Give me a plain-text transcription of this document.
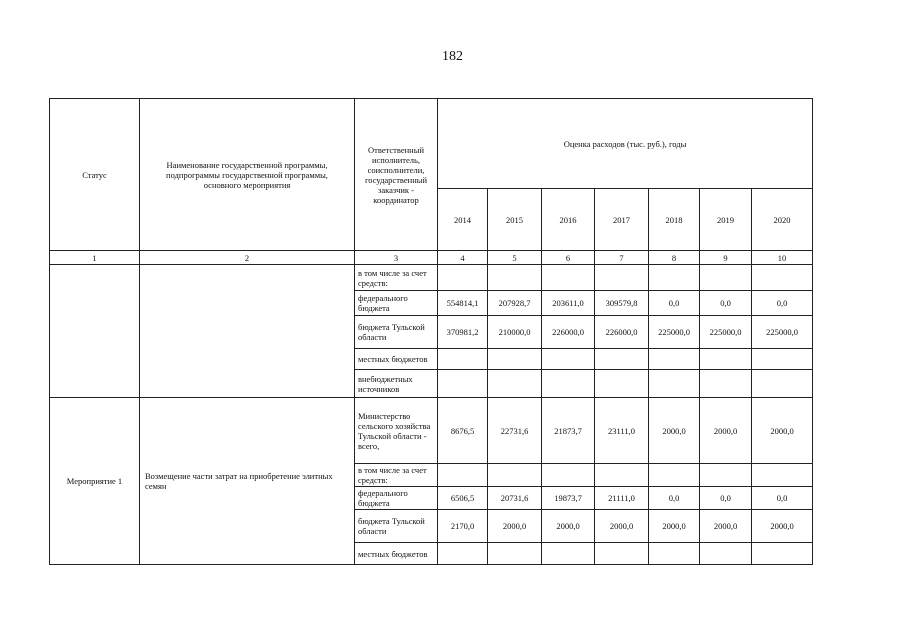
182
Статус	Наименование государственной программы, подпрограммы государственной программы, основного мероприятия	Ответственный исполнитель, соисполнители, государственный заказчик - координатор	Оценка расходов (тыс. руб.), годы						
			2014	2015	2016	2017	2018	2019	2020
1	2	3	4	5	6	7	8	9	10
		в том числе за счет средств:							
		федерального бюджета	554814,1	207928,7	203611,0	309579,8	0,0	0,0	0,0
		бюджета Тульской области	370981,2	210000,0	226000,0	226000,0	225000,0	225000,0	225000,0
		местных бюджетов							
		внебюджетных источников							
Мероприятие 1	Возмещение части затрат на приобретение элитных семян	Министерство сельского хозяйства Тульской области - всего,	8676,5	22731,6	21873,7	23111,0	2000,0	2000,0	2000,0
		в том числе за счет средств:							
		федерального бюджета	6506,5	20731,6	19873,7	21111,0	0,0	0,0	0,0
		бюджета Тульской области	2170,0	2000,0	2000,0	2000,0	2000,0	2000,0	2000,0
		местных бюджетов							
